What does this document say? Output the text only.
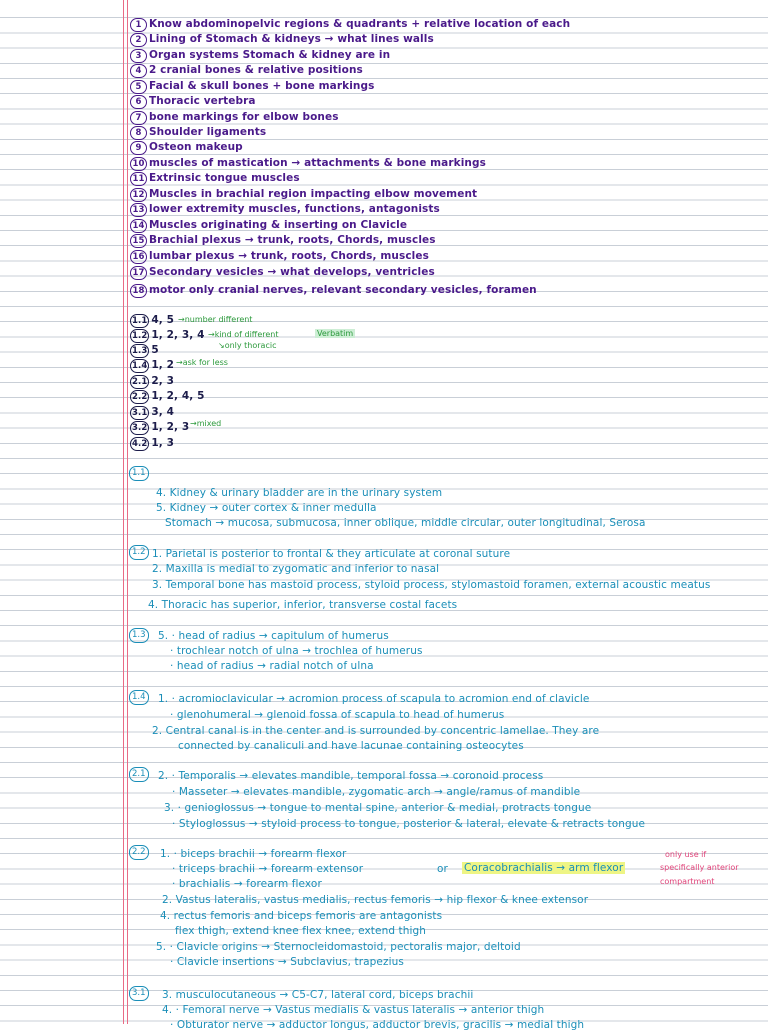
1 Know abdominopelvic regions & quadrants + relative location of each
2 Lining of Stomach & kidneys → what lines walls
3 Organ systems Stomach & kidney are in
4 2 cranial bones & relative positions
5 Facial & skull bones + bone markings
6 Thoracic vertebra
7 bone markings for elbow bones
8 Shoulder ligaments
9 Osteon makeup
10 muscles of mastication → attachments & bone markings
11 Extrinsic tongue muscles
12 Muscles in brachial region impacting elbow movement
13 lower extremity muscles, functions, antagonists
14 Muscles originating & inserting on Clavicle
15 Brachial plexus → trunk, roots, Chords, muscles
16 lumbar plexus → trunk, roots, Chords, muscles
17 Secondary vesicles → what develops, ventricles
18 motor only cranial nerves, relevant secondary vesicles, foramen
1.1 4, 5
1.2 1, 2, 3, 4
1.3 5
1.4 1, 2
2.1 2, 3
2.2 1, 2, 4, 5
3.1 3, 4
3.2 1, 2, 3
4.2 1, 3
→number different
→kind of different	Verbatim
↘only thoracic
→ask for less
→mixed
1.1
4. Kidney & urinary bladder are in the urinary system
5. Kidney → outer cortex & inner medulla
Stomach → mucosa, submucosa, inner oblique, middle circular, outer longitudinal, Serosa
1.2 1. Parietal is posterior to frontal & they articulate at coronal suture
2. Maxilla is medial to zygomatic and inferior to nasal
3. Temporal bone has mastoid process, styloid process, stylomastoid foramen, external acoustic meatus
4. Thoracic has superior, inferior, transverse costal facets
1.3 5. · head of radius → capitulum of humerus
· trochlear notch of ulna → trochlea of humerus
· head of radius → radial notch of ulna
1.4 1. · acromioclavicular → acromion process of scapula to acromion end of clavicle
· glenohumeral → glenoid fossa of scapula to head of humerus
2. Central canal is in the center and is surrounded by concentric lamellae. They are
connected by canaliculi and have lacunae containing osteocytes
2.1 2. · Temporalis → elevates mandible, temporal fossa → coronoid process
· Masseter → elevates mandible, zygomatic arch → angle/ramus of mandible
3. · genioglossus → tongue to mental spine, anterior & medial, protracts tongue
· Styloglossus → styloid process to tongue, posterior & lateral, elevate & retracts tongue
2.2 1. · biceps brachii → forearm flexor
· triceps brachii → forearm extensor
· brachialis → forearm flexor
2. Vastus lateralis, vastus medialis, rectus femoris → hip flexor & knee extensor
4. rectus femoris and biceps femoris are antagonists
flex thigh, extend knee flex knee, extend thigh
5. · Clavicle origins → Sternocleidomastoid, pectoralis major, deltoid
· Clavicle insertions → Subclavius, trapezius
or Coracobrachialis → arm flexor
only use if
specifically anterior
compartment
3.1 3. musculocutaneous → C5-C7, lateral cord, biceps brachii
4. · Femoral nerve → Vastus medialis & vastus lateralis → anterior thigh
· Obturator nerve → adductor longus, adductor brevis, gracilis → medial thigh
